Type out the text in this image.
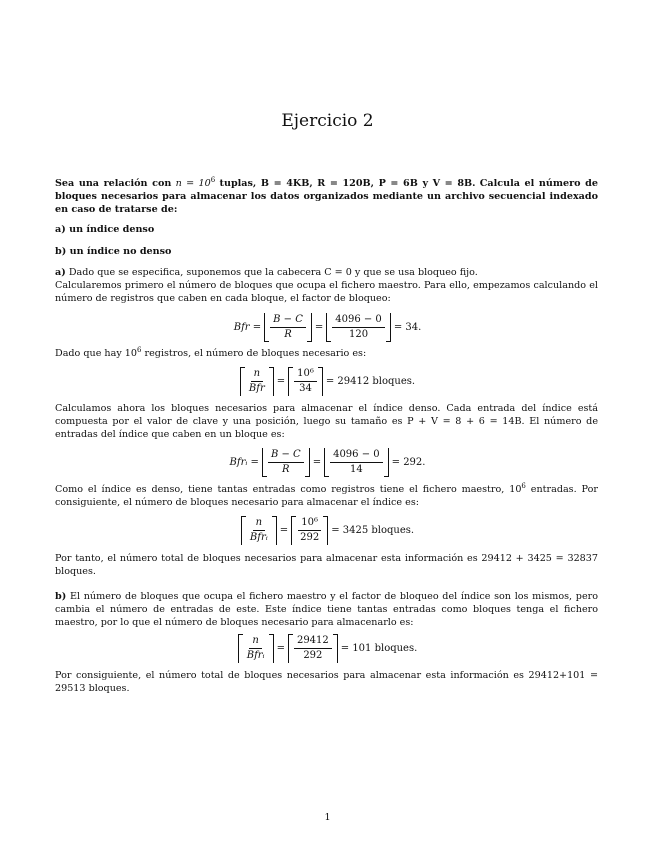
Ejercicio 2
Sea una relación con $n = 10^6$ tuplas, B = 4KB, R = 120B, P = 6B y V = 8B. Calcula el número de bloques necesarios para almacenar los datos organizados mediante un archivo secuencial indexado en caso de tratarse de:
a) un índice denso
b) un índice no denso
a) Dado que se especifica, suponemos que la cabecera C = 0 y que se usa bloqueo fijo.
Calcularemos primero el número de bloques que ocupa el fichero maestro. Para ello, empezamos calculando el número de registros que caben en cada bloque, el factor de bloqueo:
Bfr = $\frac{B - C}{R} = \frac{4096 - 0}{120} = 34$.
Dado que hay $10^6$ registros, el número de bloques necesario es:
$\frac{n}{\text{Bfr}} = \frac{\text{10⁶}}{34} = 29412$ bloques.
Calculamos ahora los bloques necesarios para almacenar el índice denso. Cada entrada del índice está compuesta por el valor de clave y una posición, luego su tamaño es P + V = 8 + 6 = 14B. El número de entradas del índice que caben en un bloque es:
Bfrᵢ = $\frac{B - C}{R} = \frac{4096 - 0}{14} = 292$.
Como el índice es denso, tiene tantas entradas como registros tiene el fichero maestro, $10^6$ entradas. Por consiguiente, el número de bloques necesario para almacenar el índice es:
$\frac{n}{\text{Bfrᵢ}} = \frac{\text{10⁶}}{292} = 3425$ bloques.
Por tanto, el número total de bloques necesarios para almacenar esta información es 29412 + 3425 = 32837 bloques.
b) El número de bloques que ocupa el fichero maestro y el factor de bloqueo del índice son los mismos, pero cambia el número de entradas de este. Este índice tiene tantas entradas como bloques tenga el fichero maestro, por lo que el número de bloques necesario para almacenarlo es:
$\frac{n}{\text{Bfrᵢ}} = \frac{29412}{292} = 101$ bloques.
Por consiguiente, el número total de bloques necesarios para almacenar esta información es 29412+101 = 29513 bloques.
1
